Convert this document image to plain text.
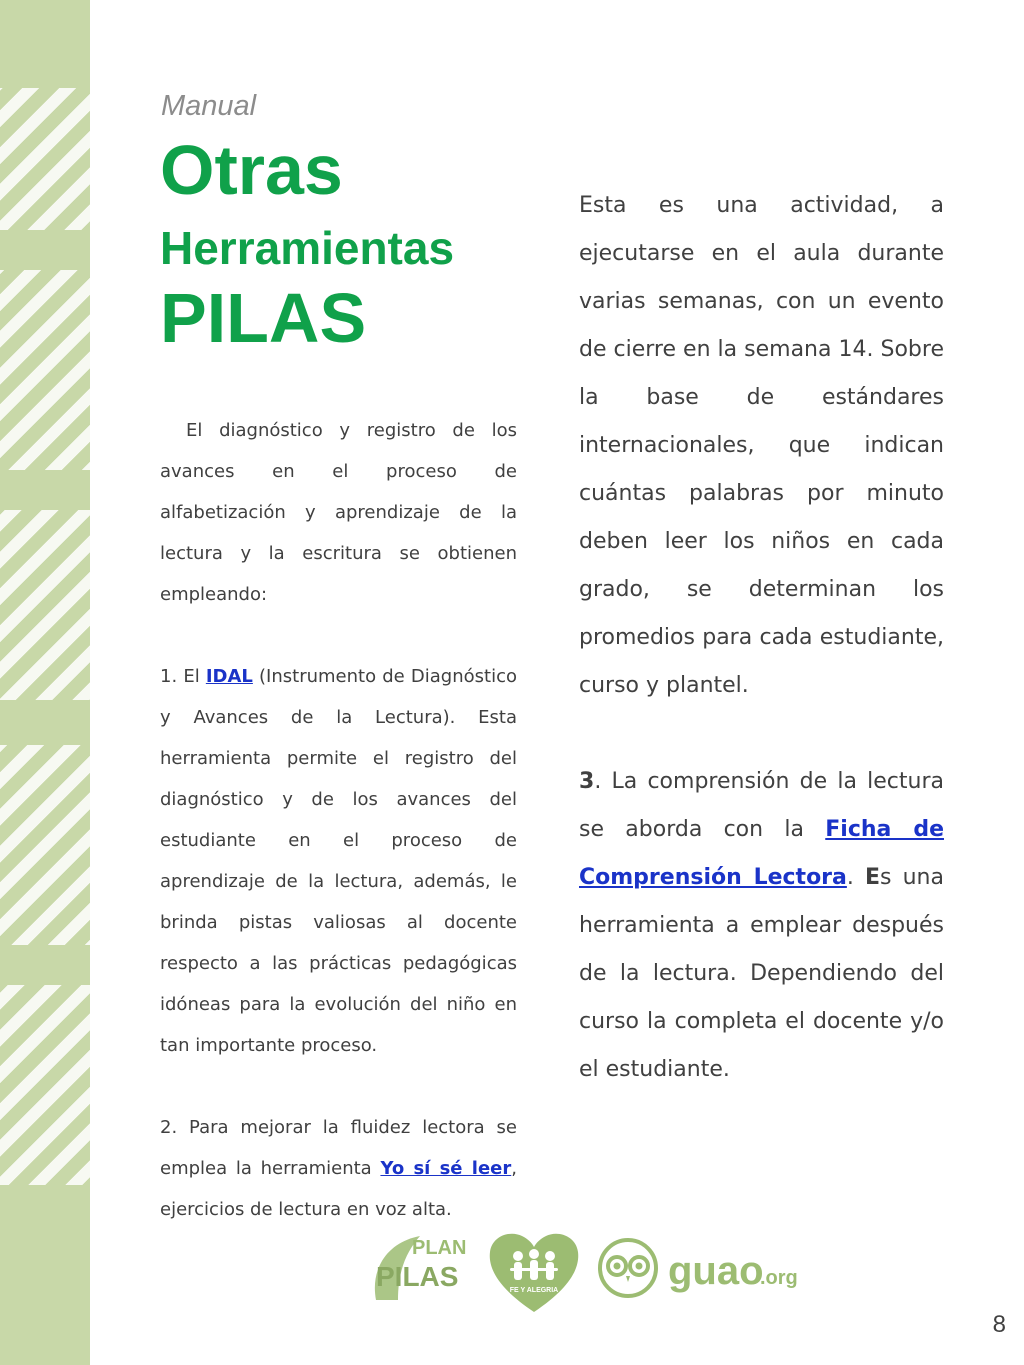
Manual

Otras
Herramientas
PILAS

El diagnóstico y registro de los avances en el proceso de alfabetización y aprendizaje de la lectura y la escritura se obtienen empleando:

1. El IDAL (Instrumento de Diagnóstico y Avances de la Lectura). Esta herramienta permite el registro del diagnóstico y de los avances del estudiante en el proceso de aprendizaje de la lectura, además, le brinda pistas valiosas al docente respecto a las prácticas pedagógicas idóneas para la evolución del niño en tan importante proceso.

2. Para mejorar la fluidez lectora se emplea la herramienta Yo sí sé leer, ejercicios de lectura en voz alta.

Esta es una actividad, a ejecutarse en el aula durante varias semanas, con un evento de cierre en la semana 14. Sobre la base de estándares internacionales, que indican cuántas palabras por minuto deben leer los niños en cada grado, se determinan los promedios para cada estudiante, curso y plantel.

3. La comprensión de la lectura se aborda con la Ficha de Comprensión Lectora. Es una herramienta a emplear después de la lectura. Dependiendo del curso la completa el docente y/o el estudiante.

PLAN
PILAS	FE Y ALEGRIA	guao
.org
8
